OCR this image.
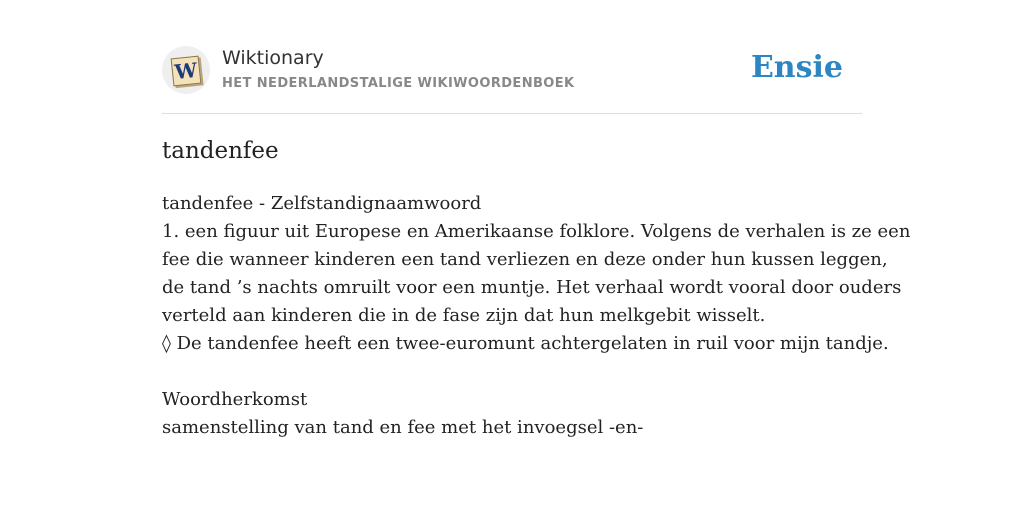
W Wiktionary
HET NEDERLANDSTALIGE WIKIWOORDENBOEK	Ensie
tandenfee
tandenfee - Zelfstandignaamwoord
1. een figuur uit Europese en Amerikaanse folklore. Volgens de verhalen is ze een
fee die wanneer kinderen een tand verliezen en deze onder hun kussen leggen,
de tand ’s nachts omruilt voor een muntje. Het verhaal wordt vooral door ouders
verteld aan kinderen die in de fase zijn dat hun melkgebit wisselt.
◊ De tandenfee heeft een twee-euromunt achtergelaten in ruil voor mijn tandje.
Woordherkomst
samenstelling van tand en fee met het invoegsel -en-
